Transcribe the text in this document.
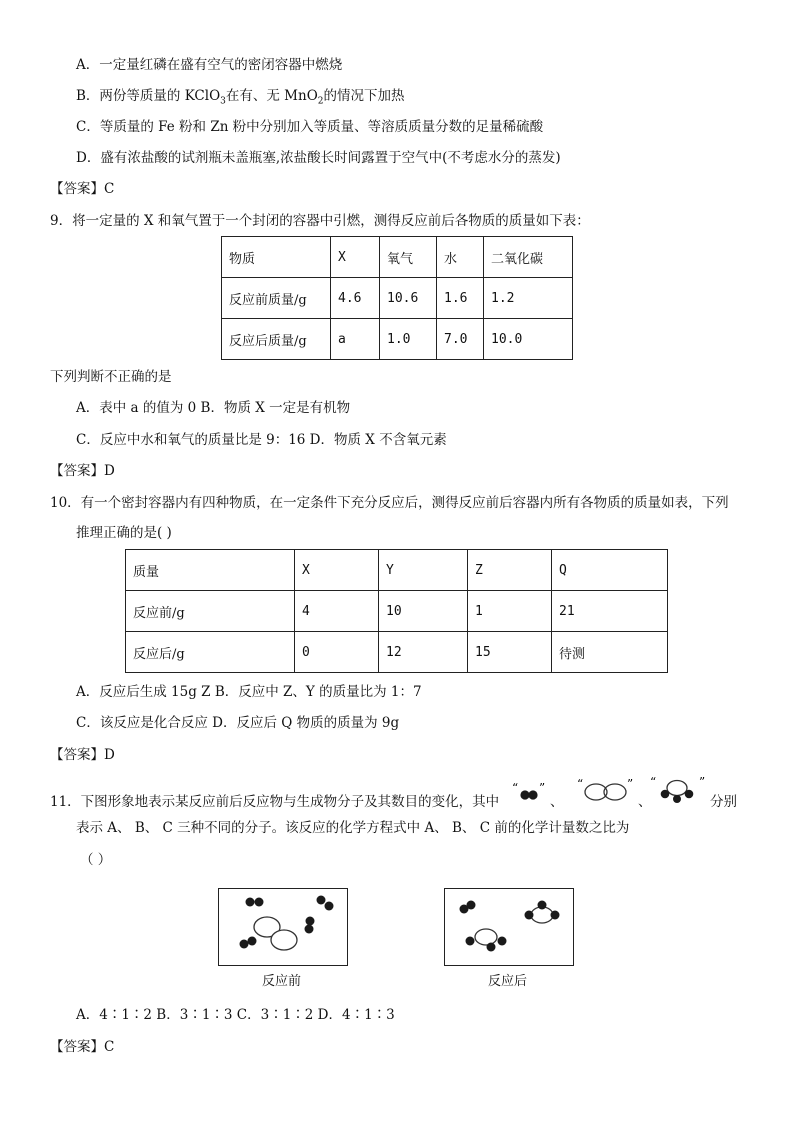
A．一定量红磷在盛有空气的密闭容器中燃烧
B．两份等质量的 KClO$_3$在有、无 MnO$_2$的情况下加热
C．等质量的 Fe 粉和 Zn 粉中分别加入等质量、等溶质质量分数的足量稀硫酸
D．盛有浓盐酸的试剂瓶未盖瓶塞,浓盐酸长时间露置于空气中(不考虑水分的蒸发)
【答案】C
9．将一定量的 X 和氧气置于一个封闭的容器中引燃，测得反应前后各物质的质量如下表：
物质	X	氧气	水	二氧化碳
反应前质量/g	4.6	10.6	1.6	1.2
反应后质量/g	a	1.0	7.0	10.0
下列判断不正确的是
A．表中 a 的值为 0 B．物质 X 一定是有机物
C．反应中水和氧气的质量比是 9：16 D．物质 X 不含氧元素
【答案】D
10．有一个密封容器内有四种物质，在一定条件下充分反应后，测得反应前后容器内所有各物质的质量如表，下列
推理正确的是( )
质量	X	Y	Z	Q
反应前/g	4	10	1	21
反应后/g	0	12	15	待测
A．反应后生成 15g Z B．反应中 Z、Y 的质量比为 1：7
C．该反应是化合反应 D．反应后 Q 物质的质量为 9g
【答案】D
11．下图形象地表示某反应前后反应物与生成物分子及其数目的变化，其中
“ ”
、
“	”
、
“	”
分别
表示 A、 B、 C 三种不同的分子。该反应的化学方程式中 A、 B、 C 前的化学计量数之比为
（ ）
反应前	反应后
A．4∶1∶2 B．3∶1∶3 C．3∶1∶2 D．4∶1∶3
【答案】C
